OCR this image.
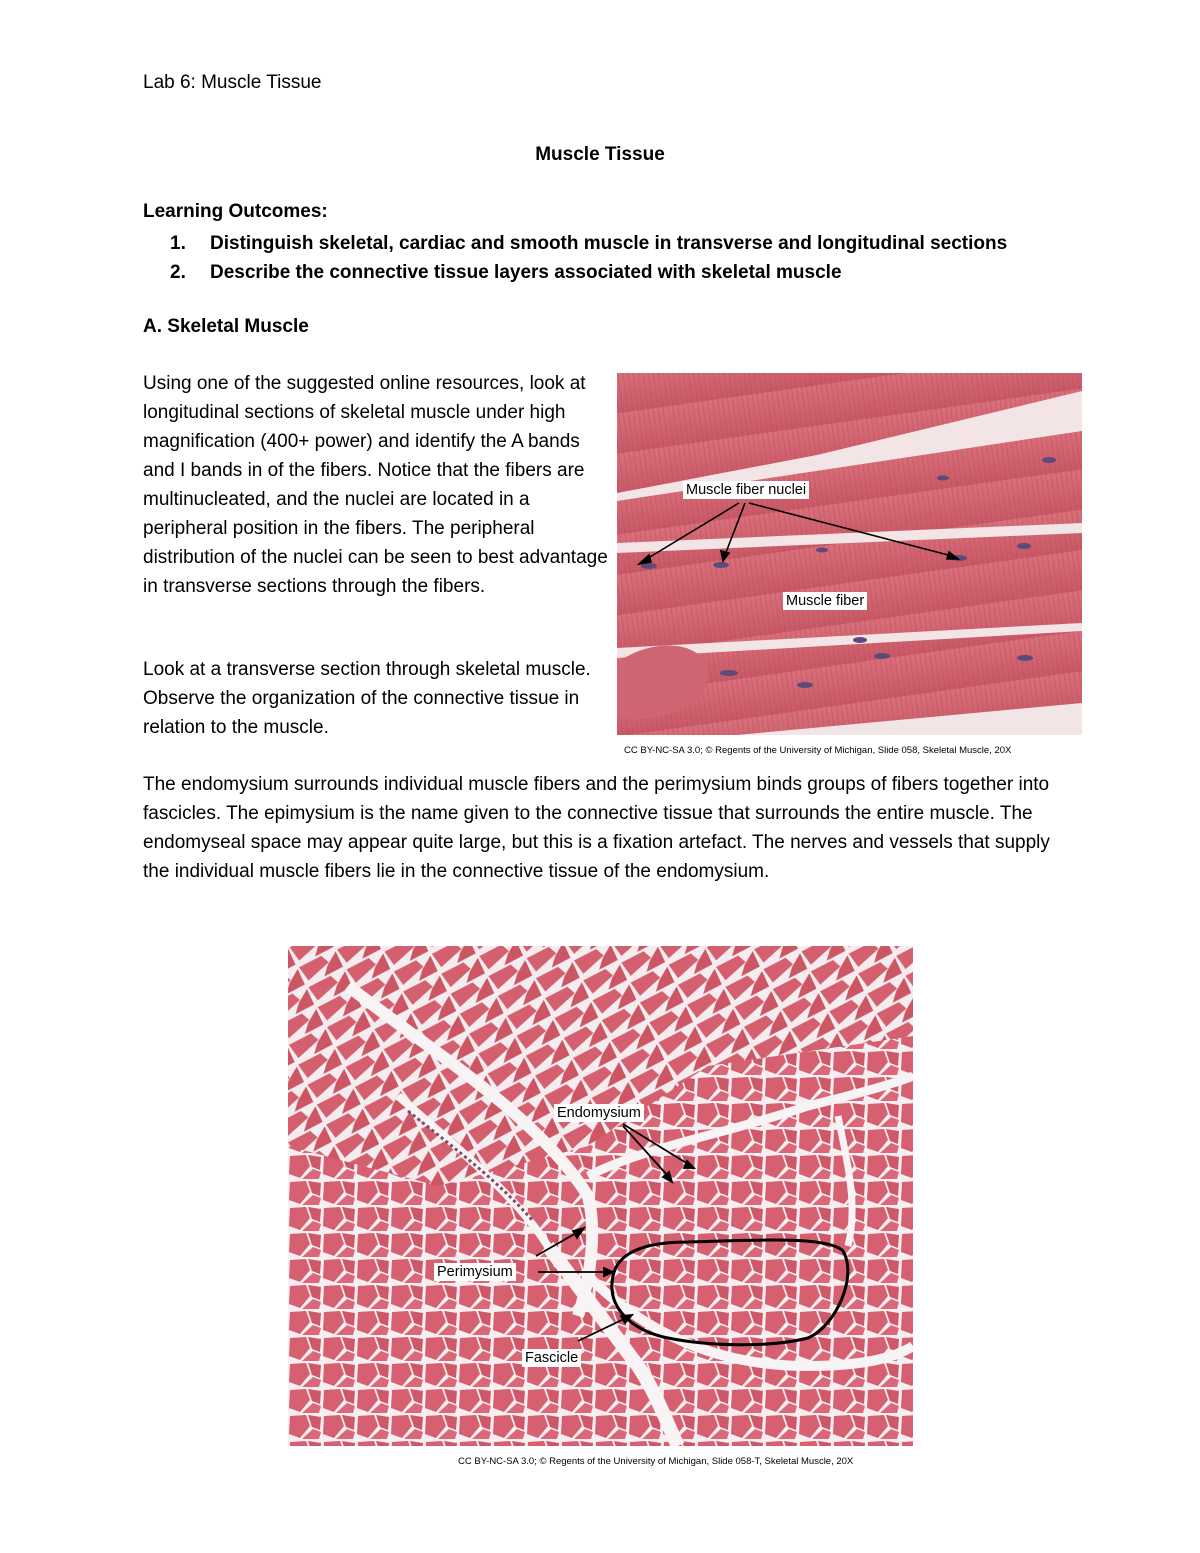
Lab 6: Muscle Tissue
Muscle Tissue
Learning Outcomes:
1. Distinguish skeletal, cardiac and smooth muscle in transverse and longitudinal sections
2. Describe the connective tissue layers associated with skeletal muscle
A. Skeletal Muscle
Using one of the suggested online resources, look at longitudinal sections of skeletal muscle under high magnification (400+ power) and identify the A bands and I bands in of the fibers. Notice that the fibers are multinucleated, and the nuclei are located in a peripheral position in the fibers. The peripheral distribution of the nuclei can be seen to best advantage in transverse sections through the fibers.
Look at a transverse section through skeletal muscle. Observe the organization of the connective tissue in relation to the muscle.
Muscle fiber nuclei
Muscle fiber
CC BY-NC-SA 3.0; © Regents of the University of Michigan, Slide 058, Skeletal Muscle, 20X
The endomysium surrounds individual muscle fibers and the perimysium binds groups of fibers together into fascicles. The epimysium is the name given to the connective tissue that surrounds the entire muscle. The endomyseal space may appear quite large, but this is a fixation artefact. The nerves and vessels that supply the individual muscle fibers lie in the connective tissue of the endomysium.
Endomysium
Perimysium
Fascicle
CC BY-NC-SA 3.0; © Regents of the University of Michigan, Slide 058-T, Skeletal Muscle, 20X
